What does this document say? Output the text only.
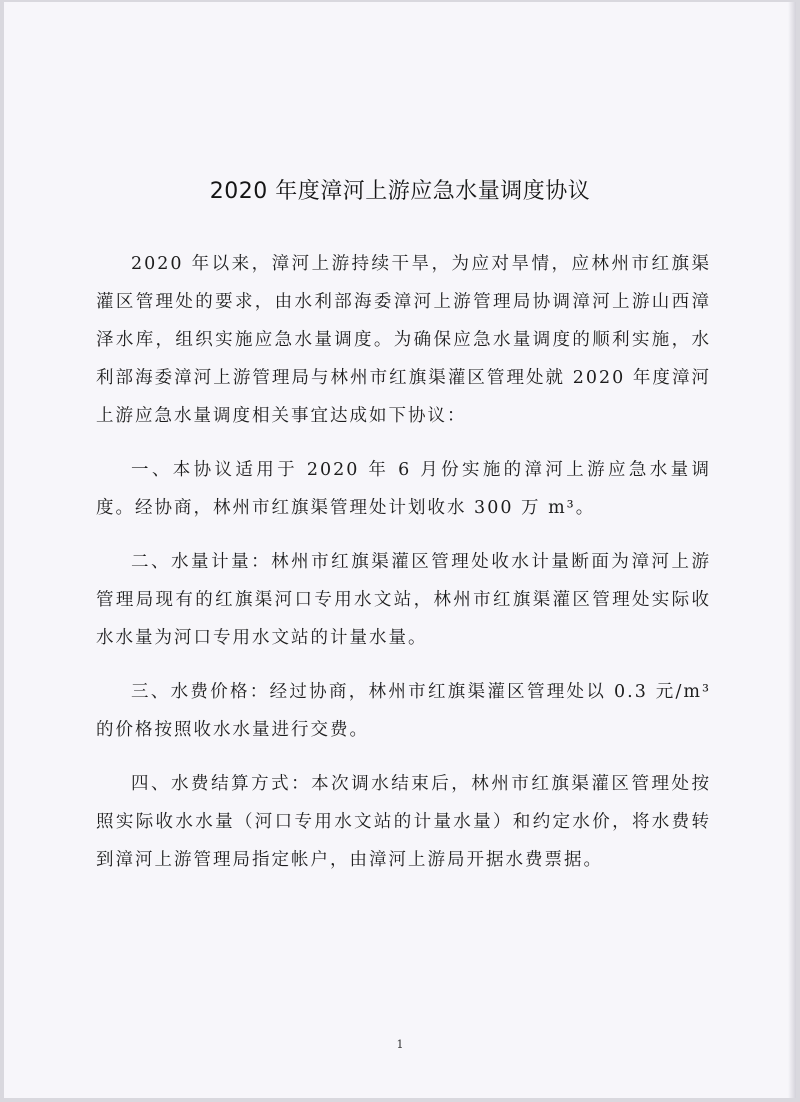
2020 年度漳河上游应急水量调度协议

2020 年以来，漳河上游持续干旱，为应对旱情，应林州市红旗渠灌区管理处的要求，由水利部海委漳河上游管理局协调漳河上游山西漳泽水库，组织实施应急水量调度。为确保应急水量调度的顺利实施，水利部海委漳河上游管理局与林州市红旗渠灌区管理处就 2020 年度漳河上游应急水量调度相关事宜达成如下协议：

一、本协议适用于 2020 年 6 月份实施的漳河上游应急水量调度。经协商，林州市红旗渠管理处计划收水 300 万 m³。

二、水量计量：林州市红旗渠灌区管理处收水计量断面为漳河上游管理局现有的红旗渠河口专用水文站，林州市红旗渠灌区管理处实际收水水量为河口专用水文站的计量水量。

三、水费价格：经过协商，林州市红旗渠灌区管理处以 0.3 元/m³ 的价格按照收水水量进行交费。

四、水费结算方式：本次调水结束后，林州市红旗渠灌区管理处按照实际收水水量（河口专用水文站的计量水量）和约定水价，将水费转到漳河上游管理局指定帐户，由漳河上游局开据水费票据。

1
